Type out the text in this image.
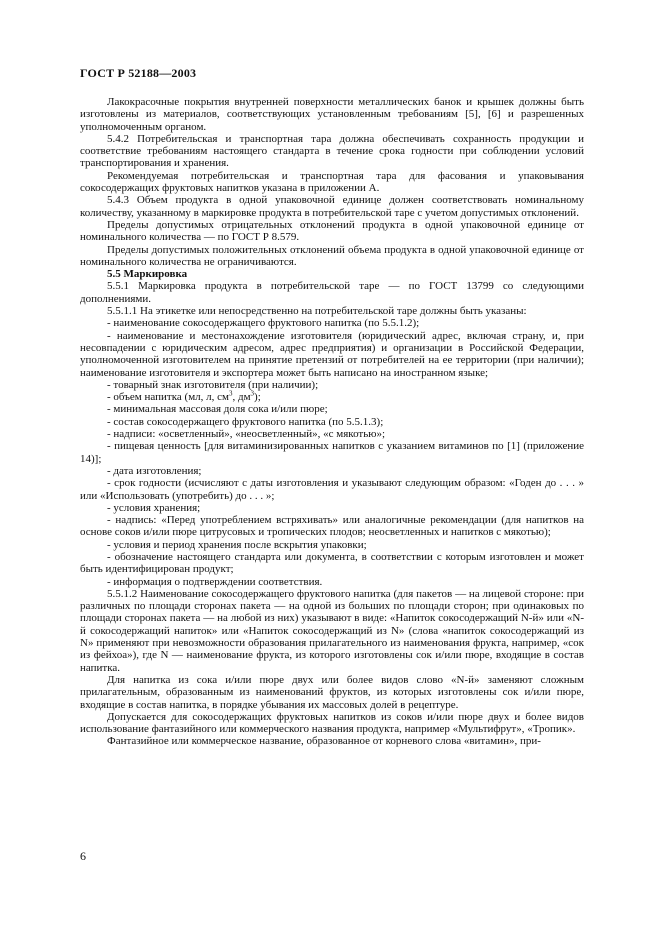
ГОСТ Р 52188—2003

Лакокрасочные покрытия внутренней поверхности металлических банок и крышек должны быть изготовлены из материалов, соответствующих установленным требованиям [5], [6] и разрешенных уполномоченным органом.

5.4.2 Потребительская и транспортная тара должна обеспечивать сохранность продукции и соответствие требованиям настоящего стандарта в течение срока годности при соблюдении условий транспортирования и хранения.

Рекомендуемая потребительская и транспортная тара для фасования и упаковывания сокосодержащих фруктовых напитков указана в приложении А.

5.4.3 Объем продукта в одной упаковочной единице должен соответствовать номинальному количеству, указанному в маркировке продукта в потребительской таре с учетом допустимых отклонений.

Пределы допустимых отрицательных отклонений продукта в одной упаковочной единице от номинального количества — по ГОСТ Р 8.579.

Пределы допустимых положительных отклонений объема продукта в одной упаковочной единице от номинального количества не ограничиваются.

5.5 Маркировка

5.5.1 Маркировка продукта в потребительской таре — по ГОСТ 13799 со следующими дополнениями.

5.5.1.1 На этикетке или непосредственно на потребительской таре должны быть указаны:

- наименование сокосодержащего фруктового напитка (по 5.5.1.2);

- наименование и местонахождение изготовителя (юридический адрес, включая страну, и, при несовпадении с юридическим адресом, адрес предприятия) и организации в Российской Федерации, уполномоченной изготовителем на принятие претензий от потребителей на ее территории (при наличии); наименование изготовителя и экспортера может быть написано на иностранном языке;

- товарный знак изготовителя (при наличии);

- объем напитка (мл, л, $см^3$, $дм^3$);

- минимальная массовая доля сока и/или пюре;

- состав сокосодержащего фруктового напитка (по 5.5.1.3);

- надписи: «осветленный», «неосветленный», «с мякотью»;

- пищевая ценность [для витаминизированных напитков с указанием витаминов по [1] (приложение 14)];

- дата изготовления;

- срок годности (исчисляют с даты изготовления и указывают следующим образом: «Годен до . . . » или «Использовать (употребить) до . . . »;

- условия хранения;

- надпись: «Перед употреблением встряхивать» или аналогичные рекомендации (для напитков на основе соков и/или пюре цитрусовых и тропических плодов; неосветленных и напитков с мякотью);

- условия и период хранения после вскрытия упаковки;

- обозначение настоящего стандарта или документа, в соответствии с которым изготовлен и может быть идентифицирован продукт;

- информация о подтверждении соответствия.

5.5.1.2 Наименование сокосодержащего фруктового напитка (для пакетов — на лицевой стороне: при различных по площади сторонах пакета — на одной из больших по площади сторон; при одинаковых по площади сторонах пакета — на любой из них) указывают в виде: «Напиток сокосодержащий N-й» или «N-й сокосодержащий напиток» или «Напиток сокосодержащий из N» (слова «напиток сокосодержащий из N» применяют при невозможности образования прилагательного из наименования фрукта, например, «сок из фейхоа»), где N — наименование фрукта, из которого изготовлены сок и/или пюре, входящие в состав напитка.

Для напитка из сока и/или пюре двух или более видов слово «N-й» заменяют сложным прилагательным, образованным из наименований фруктов, из которых изготовлены сок и/или пюре, входящие в состав напитка, в порядке убывания их массовых долей в рецептуре.

Допускается для сокосодержащих фруктовых напитков из соков и/или пюре двух и более видов использование фантазийного или коммерческого названия продукта, например «Мультифрут», «Тропик».

Фантазийное или коммерческое название, образованное от корневого слова «витамин», при-

6
